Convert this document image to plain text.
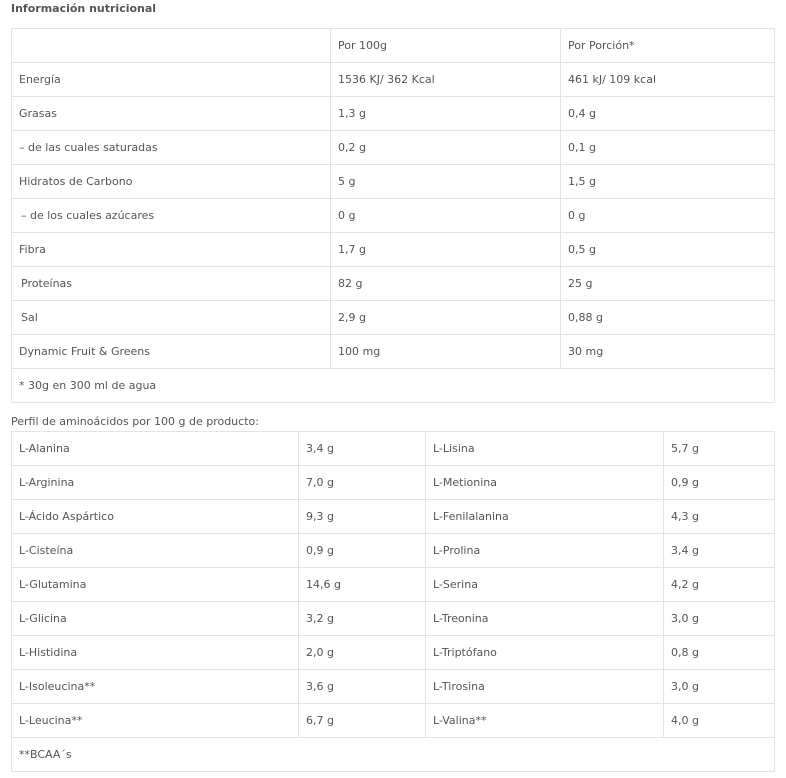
Información nutricional

	Por 100g	Por Porción*
Energía	1536 KJ/ 362 Kcal	461 kJ/ 109 kcal
Grasas	1,3 g	0,4 g
– de las cuales saturadas	0,2 g	0,1 g
Hidratos de Carbono	5 g	1,5 g
– de los cuales azúcares	0 g	0 g
Fibra	1,7 g	0,5 g
Proteínas	82 g	25 g
Sal	2,9 g	0,88 g
Dynamic Fruit & Greens	100 mg	30 mg
* 30g en 300 ml de agua		
Perfil de aminoácidos por 100 g de producto:
L-Alanina	3,4 g	L-Lisina	5,7 g
L-Arginina	7,0 g	L-Metionina	0,9 g
L-Ácido Aspártico	9,3 g	L-Fenilalanina	4,3 g
L-Cisteína	0,9 g	L-Prolina	3,4 g
L-Glutamina	14,6 g	L-Serina	4,2 g
L-Glicina	3,2 g	L-Treonina	3,0 g
L-Histidina	2,0 g	L-Triptófano	0,8 g
L-Isoleucina**	3,6 g	L-Tirosina	3,0 g
L-Leucina**	6,7 g	L-Valina**	4,0 g
**BCAA´s			
